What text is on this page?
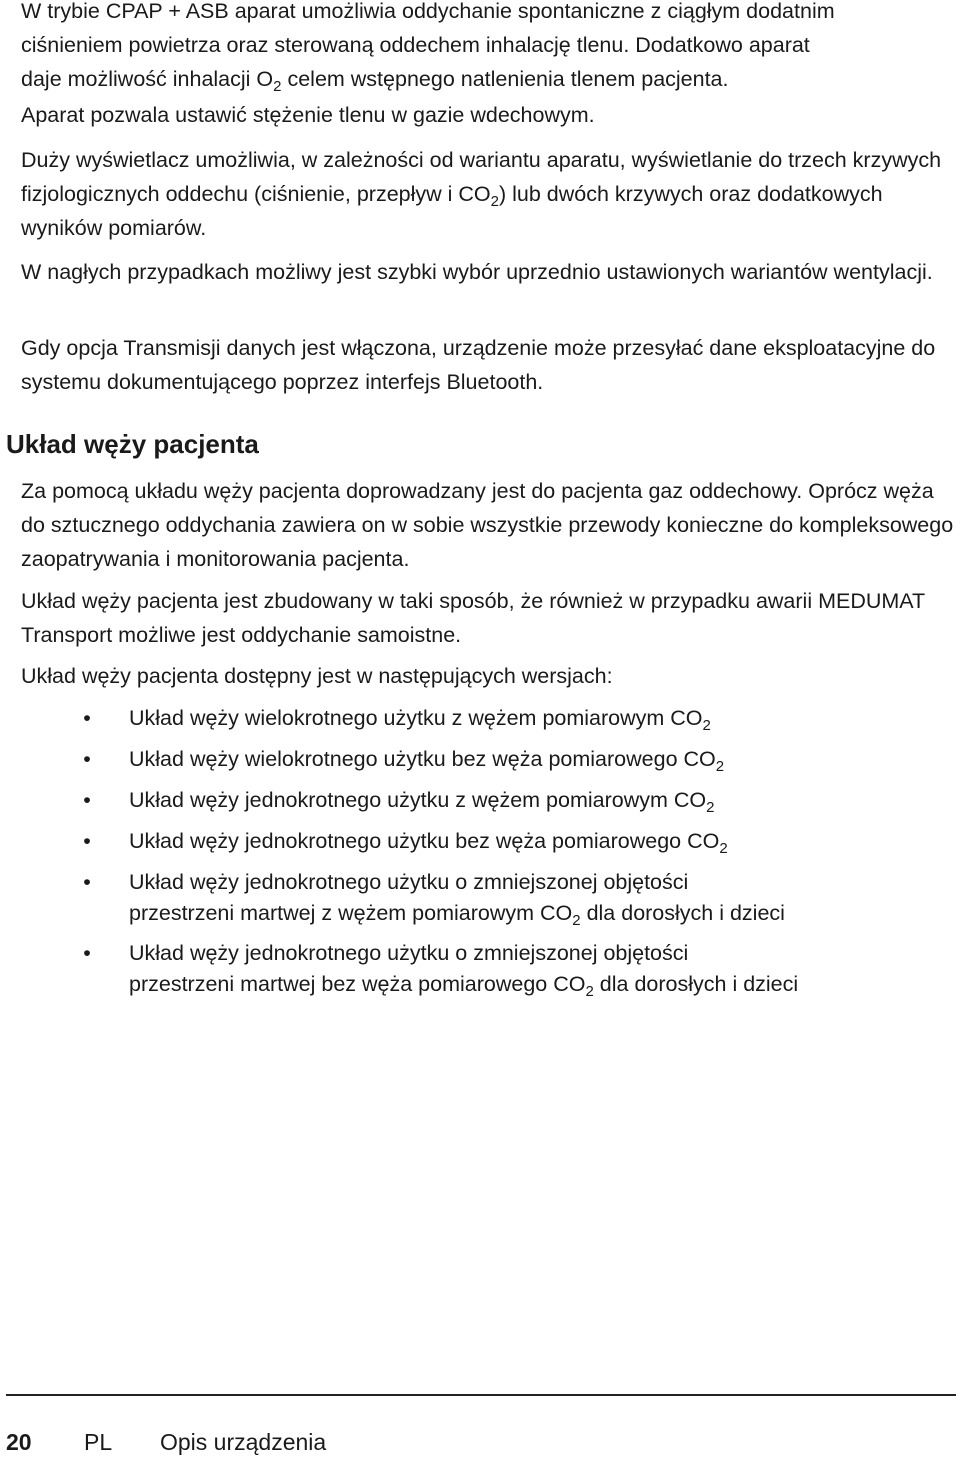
W trybie CPAP + ASB aparat umożliwia oddychanie spontaniczne z ciągłym dodatnim

ciśnieniem powietrza oraz sterowaną oddechem inhalację tlenu. Dodatkowo aparat

daje możliwość inhalacji $O_2$ celem wstępnego natlenienia tlenem pacjenta.

Aparat pozwala ustawić stężenie tlenu w gazie wdechowym.

Duży wyświetlacz umożliwia, w zależności od wariantu aparatu, wyświetlanie do trzech krzywych fizjologicznych oddechu (ciśnienie, przepływ i $CO_2$) lub dwóch krzywych oraz dodatkowych wyników pomiarów.

W nagłych przypadkach możliwy jest szybki wybór uprzednio ustawionych wariantów wentylacji.

Gdy opcja Transmisji danych jest włączona, urządzenie może przesyłać dane eksploatacyjne do systemu dokumentującego poprzez interfejs Bluetooth.

Układ węży pacjenta

Za pomocą układu węży pacjenta doprowadzany jest do pacjenta gaz oddechowy. Oprócz węża do sztucznego oddychania zawiera on w sobie wszystkie przewody konieczne do kompleksowego zaopatrywania i monitorowania pacjenta.

Układ węży pacjenta jest zbudowany w taki sposób, że również w przypadku awarii MEDUMAT Transport możliwe jest oddychanie samoistne.

Układ węży pacjenta dostępny jest w następujących wersjach:

• Układ węży wielokrotnego użytku z wężem pomiarowym $CO_2$
• Układ węży wielokrotnego użytku bez węża pomiarowego $CO_2$
• Układ węży jednokrotnego użytku z wężem pomiarowym $CO_2$
• Układ węży jednokrotnego użytku bez węża pomiarowego $CO_2$
• Układ węży jednokrotnego użytku o zmniejszonej objętości
przestrzeni martwej z wężem pomiarowym $CO_2$ dla dorosłych i dzieci
• Układ węży jednokrotnego użytku o zmniejszonej objętości
przestrzeni martwej bez węża pomiarowego $CO_2$ dla dorosłych i dzieci
20 PL Opis urządzenia
